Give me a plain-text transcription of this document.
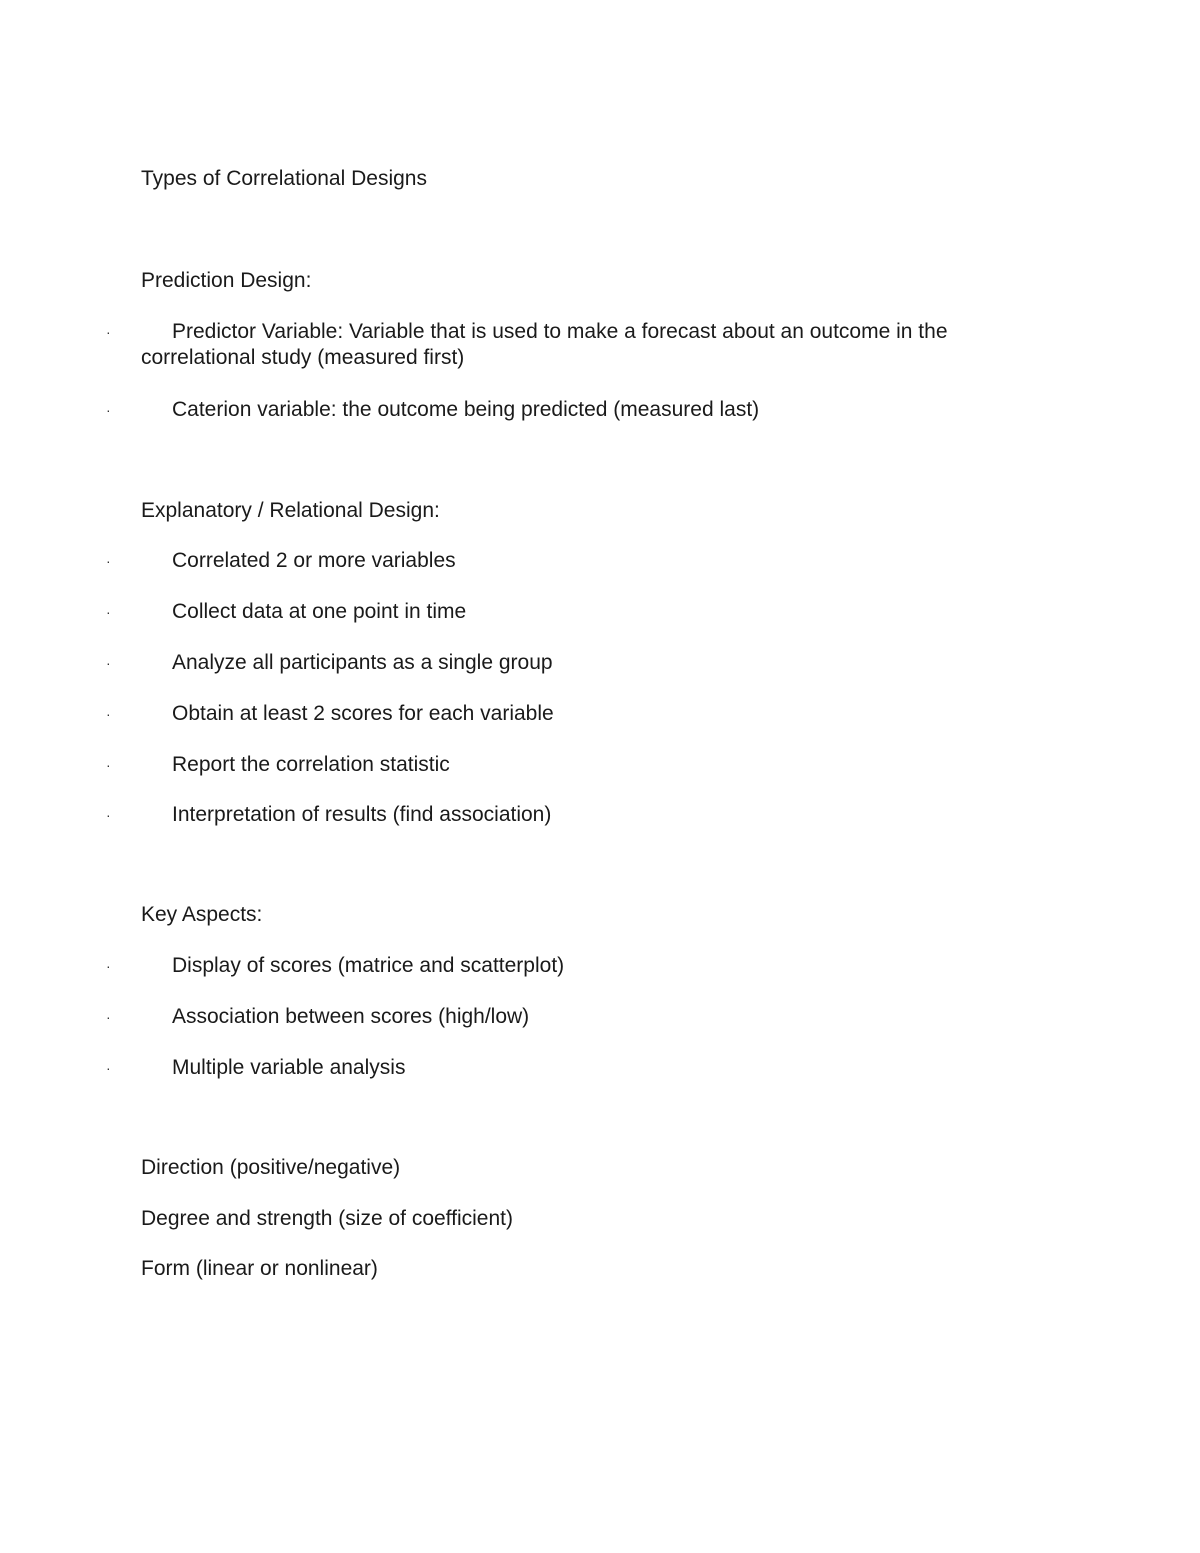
Types of Correlational Designs
Prediction Design:
·	Predictor Variable: Variable that is used to make a forecast about an outcome in the correlational study (measured first)
·	Caterion variable: the outcome being predicted (measured last)
Explanatory / Relational Design:
·	Correlated 2 or more variables
·	Collect data at one point in time
·	Analyze all participants as a single group
·	Obtain at least 2 scores for each variable
·	Report the correlation statistic
·	Interpretation of results (find association)
Key Aspects:
·	Display of scores (matrice and scatterplot)
·	Association between scores (high/low)
·	Multiple variable analysis
Direction (positive/negative)
Degree and strength (size of coefficient)
Form (linear or nonlinear)
